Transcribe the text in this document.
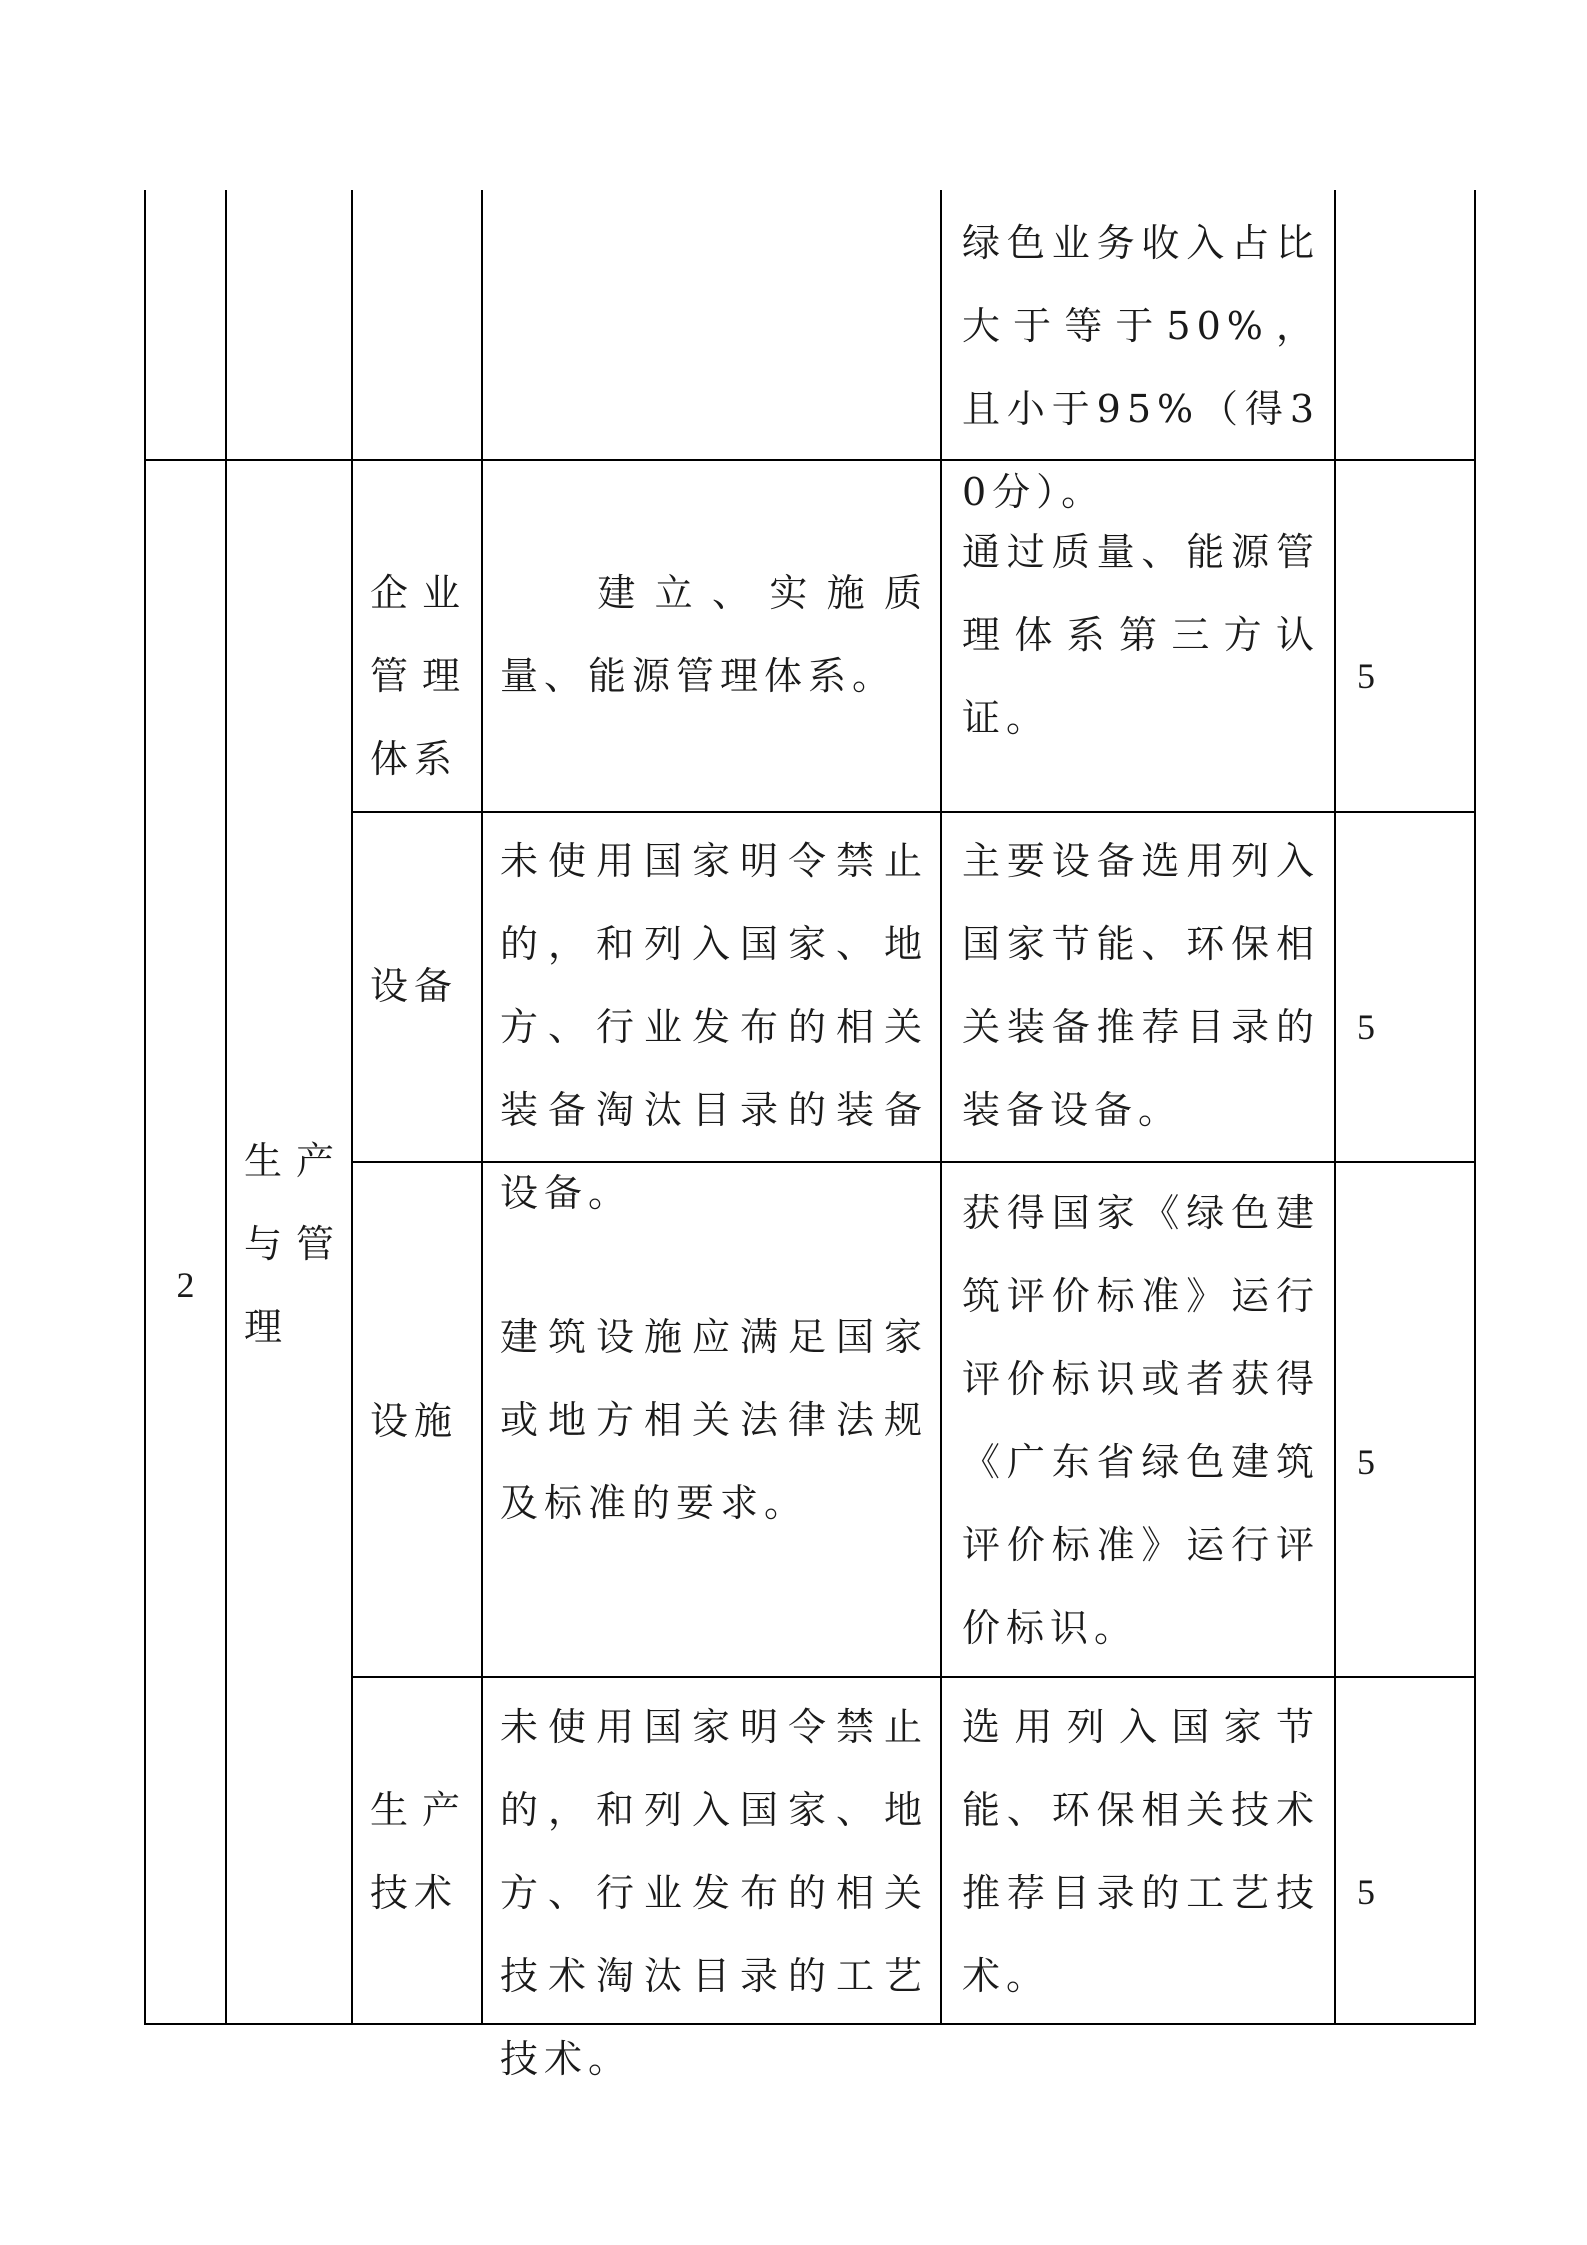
绿色业务收入占比大于等于50%，且小于95%（得30分）。
2
生产与管理
企业管理体系
建立、实施质量、能源管理体系。
通过质量、能源管理体系第三方认证。
5
设备
未使用国家明令禁止的，和列入国家、地方、行业发布的相关装备淘汰目录的装备设备。
主要设备选用列入国家节能、环保相关装备推荐目录的装备设备。
5
设施
建筑设施应满足国家或地方相关法律法规及标准的要求。
获得国家《绿色建筑评价标准》运行评价标识或者获得《广东省绿色建筑评价标准》运行评价标识。
5
生产技术
未使用国家明令禁止的，和列入国家、地方、行业发布的相关技术淘汰目录的工艺技术。
选用列入国家节能、环保相关技术推荐目录的工艺技术。
5
